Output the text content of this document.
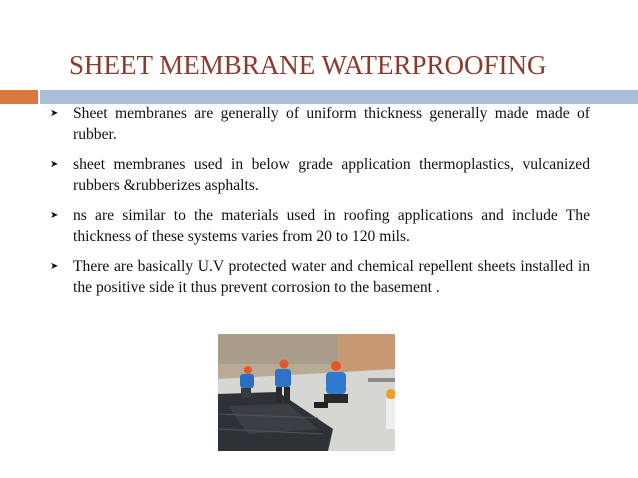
SHEET MEMBRANE WATERPROOFING
➤ Sheet membranes are generally of uniform thickness generally made made of rubber.
➤ sheet membranes used in below grade application thermoplastics, vulcanized rubbers &rubberizes asphalts.
➤ ns are similar to the materials used in roofing applications and include The thickness of these systems varies from 20 to 120 mils.
➤ There are basically U.V protected water and chemical repellent sheets installed in the positive side it thus prevent corrosion to the basement .
